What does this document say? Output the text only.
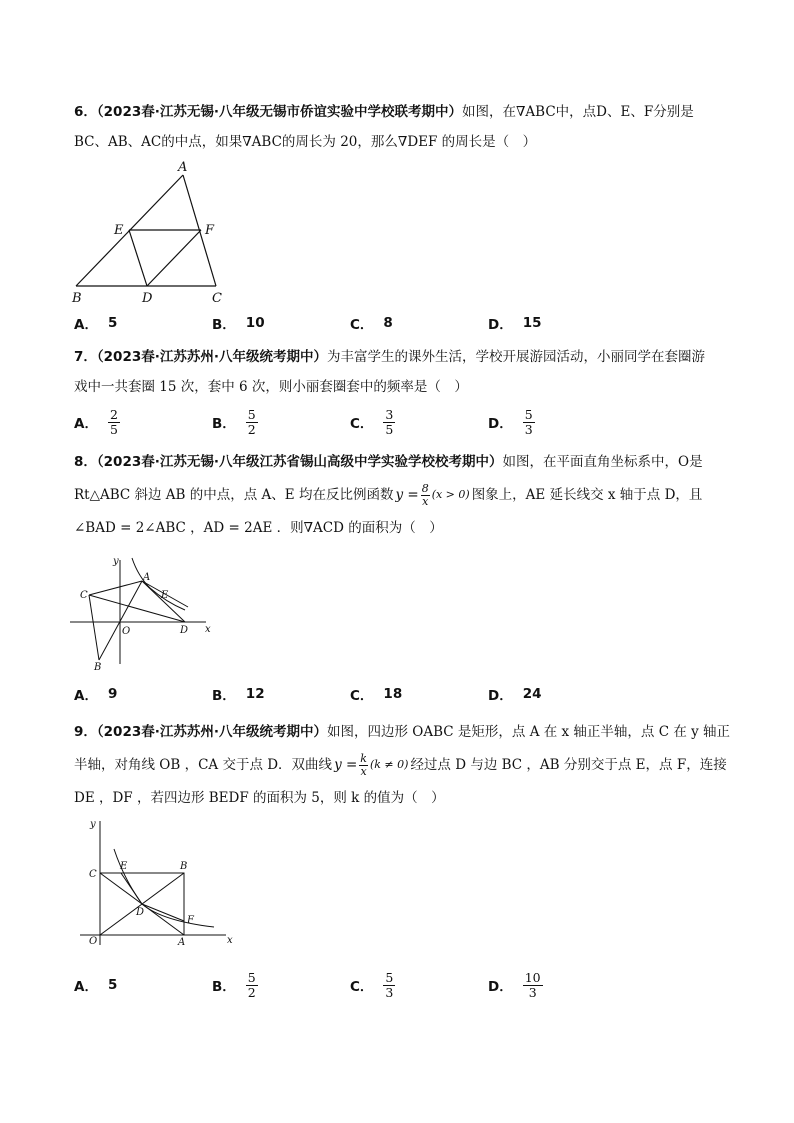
6．（2023春·江苏无锡·八年级无锡市侨谊实验中学校联考期中）如图，在∇ABC中，点D、E、F分别是
BC、AB、AC的中点，如果∇ABC的周长为 20，那么∇DEF 的周长是（　）
A
E	F
B	D	C
A． 5	B． 10	C． 8	D． 15
7．（2023春·江苏苏州·八年级统考期中）为丰富学生的课外生活，学校开展游园活动，小丽同学在套圈游
戏中一共套圈 15 次，套中 6 次，则小丽套圈套中的频率是（　）
A． $\frac{2}{5}$	B． $\frac{5}{2}$	C． $\frac{3}{5}$	D． $\frac{5}{3}$
8．（2023春·江苏无锡·八年级江苏省锡山高级中学实验学校校考期中）如图，在平面直角坐标系中，O是
Rt△ABC 斜边 AB 的中点，点 A、E 均在反比例函数 $y = \frac{8}{x} (x > 0)$ 图象上，AE 延长线交 x 轴于点 D，且
∠BAD = 2∠ABC ，AD = 2AE ．则∇ACD 的面积为（　）
y
x
A
E
C
O	D
B
A． 9	B． 12	C． 18	D． 24
9．（2023春·江苏苏州·八年级统考期中）如图，四边形 OABC 是矩形，点 A 在 x 轴正半轴，点 C 在 y 轴正
半轴，对角线 OB ，CA 交于点 D．双曲线 $y = \frac{k}{x} (k \ne 0)$ 经过点 D 与边 BC ，AB 分别交于点 E，点 F，连接
DE ，DF ，若四边形 BEDF 的面积为 5，则 k 的值为（　）
y
x
C
E	B
D
F
O	A
A． 5	B． $\frac{5}{2}$	C． $\frac{5}{3}$	D． $\frac{10}{3}$
